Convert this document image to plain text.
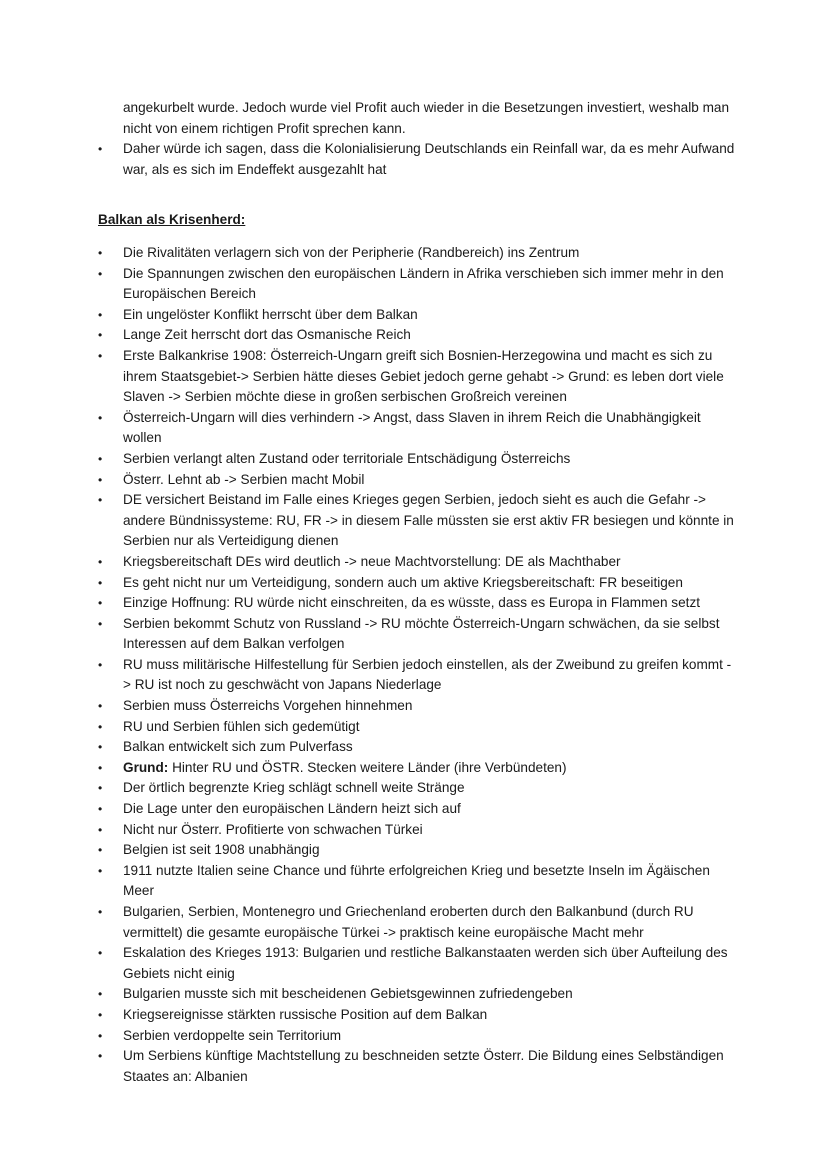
angekurbelt wurde. Jedoch wurde viel Profit auch wieder in die Besetzungen investiert, weshalb man nicht von einem richtigen Profit sprechen kann.
•	Daher würde ich sagen, dass die Kolonialisierung Deutschlands ein Reinfall war, da es mehr Aufwand war, als es sich im Endeffekt ausgezahlt hat
Balkan als Krisenherd:
•	Die Rivalitäten verlagern sich von der Peripherie (Randbereich) ins Zentrum
•	Die Spannungen zwischen den europäischen Ländern in Afrika verschieben sich immer mehr in den Europäischen Bereich
•	Ein ungelöster Konflikt herrscht über dem Balkan
•	Lange Zeit herrscht dort das Osmanische Reich
•	Erste Balkankrise 1908: Österreich-Ungarn greift sich Bosnien-Herzegowina und macht es sich zu ihrem Staatsgebiet-> Serbien hätte dieses Gebiet jedoch gerne gehabt -> Grund: es leben dort viele Slaven -> Serbien möchte diese in großen serbischen Großreich vereinen
•	Österreich-Ungarn will dies verhindern -> Angst, dass Slaven in ihrem Reich die Unabhängigkeit wollen
•	Serbien verlangt alten Zustand oder territoriale Entschädigung Österreichs
•	Österr. Lehnt ab -> Serbien macht Mobil
•	DE versichert Beistand im Falle eines Krieges gegen Serbien, jedoch sieht es auch die Gefahr -> andere Bündnissysteme: RU, FR -> in diesem Falle müssten sie erst aktiv FR besiegen und könnte in Serbien nur als Verteidigung dienen
•	Kriegsbereitschaft DEs wird deutlich -> neue Machtvorstellung: DE als Machthaber
•	Es geht nicht nur um Verteidigung, sondern auch um aktive Kriegsbereitschaft: FR beseitigen
•	Einzige Hoffnung: RU würde nicht einschreiten, da es wüsste, dass es Europa in Flammen setzt
•	Serbien bekommt Schutz von Russland -> RU möchte Österreich-Ungarn schwächen, da sie selbst Interessen auf dem Balkan verfolgen
•	RU muss militärische Hilfestellung für Serbien jedoch einstellen, als der Zweibund zu greifen kommt -> RU ist noch zu geschwächt von Japans Niederlage
•	Serbien muss Österreichs Vorgehen hinnehmen
•	RU und Serbien fühlen sich gedemütigt
•	Balkan entwickelt sich zum Pulverfass
•	Grund: Hinter RU und ÖSTR. Stecken weitere Länder (ihre Verbündeten)
•	Der örtlich begrenzte Krieg schlägt schnell weite Stränge
•	Die Lage unter den europäischen Ländern heizt sich auf
•	Nicht nur Österr. Profitierte von schwachen Türkei
•	Belgien ist seit 1908 unabhängig
•	1911 nutzte Italien seine Chance und führte erfolgreichen Krieg und besetzte Inseln im Ägäischen Meer
•	Bulgarien, Serbien, Montenegro und Griechenland eroberten durch den Balkanbund (durch RU vermittelt) die gesamte europäische Türkei -> praktisch keine europäische Macht mehr
•	Eskalation des Krieges 1913: Bulgarien und restliche Balkanstaaten werden sich über Aufteilung des Gebiets nicht einig
•	Bulgarien musste sich mit bescheidenen Gebietsgewinnen zufriedengeben
•	Kriegsereignisse stärkten russische Position auf dem Balkan
•	Serbien verdoppelte sein Territorium
•	Um Serbiens künftige Machtstellung zu beschneiden setzte Österr. Die Bildung eines Selbständigen Staates an: Albanien
